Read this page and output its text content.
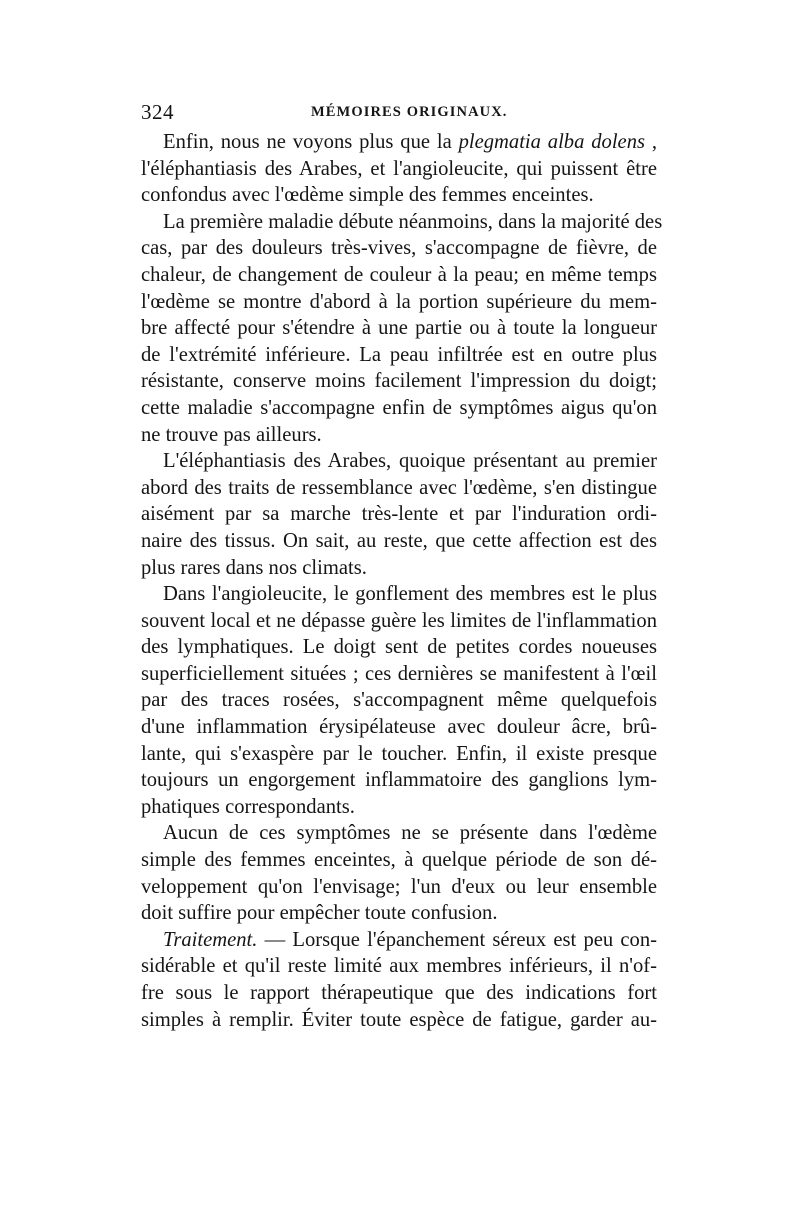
324	MÉMOIRES ORIGINAUX.
Enfin, nous ne voyons plus que la plegmatia alba dolens ,
l'éléphantiasis des Arabes, et l'angioleucite, qui puissent être
confondus avec l'œdème simple des femmes enceintes.
La première maladie débute néanmoins, dans la majorité des
cas, par des douleurs très-vives, s'accompagne de fièvre, de
chaleur, de changement de couleur à la peau; en même temps
l'œdème se montre d'abord à la portion supérieure du mem-
bre affecté pour s'étendre à une partie ou à toute la longueur
de l'extrémité inférieure. La peau infiltrée est en outre plus
résistante, conserve moins facilement l'impression du doigt;
cette maladie s'accompagne enfin de symptômes aigus qu'on
ne trouve pas ailleurs.
L'éléphantiasis des Arabes, quoique présentant au premier
abord des traits de ressemblance avec l'œdème, s'en distingue
aisément par sa marche très-lente et par l'induration ordi-
naire des tissus. On sait, au reste, que cette affection est des
plus rares dans nos climats.
Dans l'angioleucite, le gonflement des membres est le plus
souvent local et ne dépasse guère les limites de l'inflammation
des lymphatiques. Le doigt sent de petites cordes noueuses
superficiellement situées ; ces dernières se manifestent à l'œil
par des traces rosées, s'accompagnent même quelquefois
d'une inflammation érysipélateuse avec douleur âcre, brû-
lante, qui s'exaspère par le toucher. Enfin, il existe presque
toujours un engorgement inflammatoire des ganglions lym-
phatiques correspondants.
Aucun de ces symptômes ne se présente dans l'œdème
simple des femmes enceintes, à quelque période de son dé-
veloppement qu'on l'envisage; l'un d'eux ou leur ensemble
doit suffire pour empêcher toute confusion.
Traitement. — Lorsque l'épanchement séreux est peu con-
sidérable et qu'il reste limité aux membres inférieurs, il n'of-
fre sous le rapport thérapeutique que des indications fort
simples à remplir. Éviter toute espèce de fatigue, garder au-
